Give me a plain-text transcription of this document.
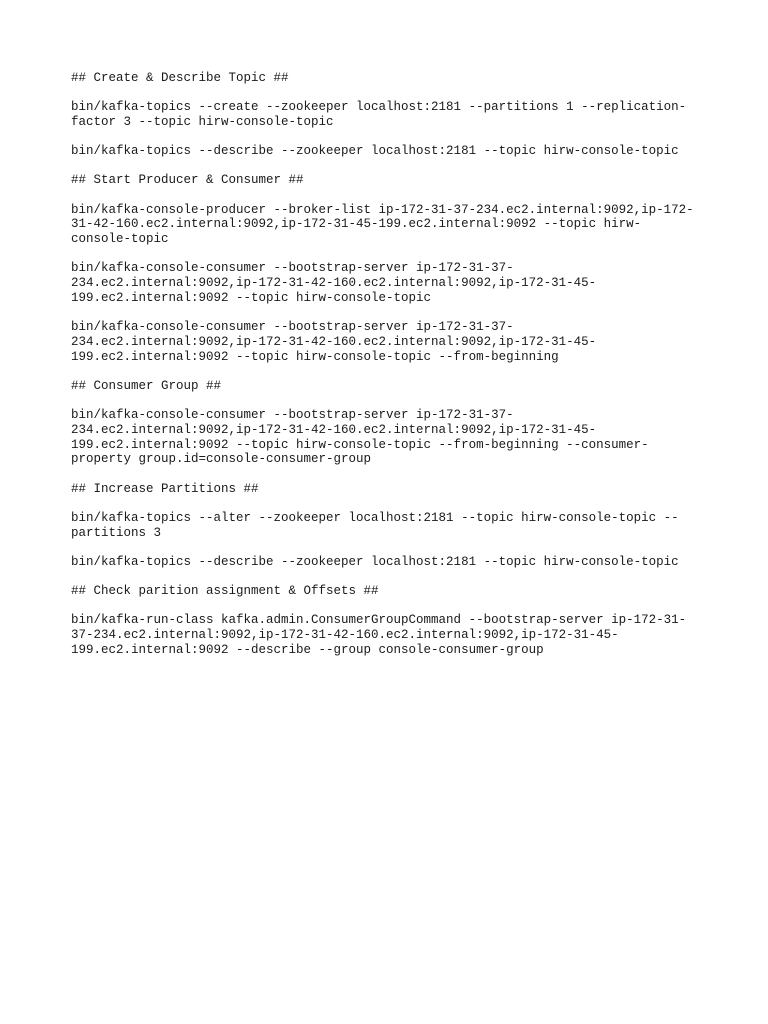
## Create & Describe Topic ##
bin/kafka-topics --create --zookeeper localhost:2181 --partitions 1 --replication-
factor 3 --topic hirw-console-topic
bin/kafka-topics --describe --zookeeper localhost:2181 --topic hirw-console-topic
## Start Producer & Consumer ##
bin/kafka-console-producer --broker-list ip-172-31-37-234.ec2.internal:9092,ip-172-
31-42-160.ec2.internal:9092,ip-172-31-45-199.ec2.internal:9092 --topic hirw-
console-topic
bin/kafka-console-consumer --bootstrap-server ip-172-31-37-
234.ec2.internal:9092,ip-172-31-42-160.ec2.internal:9092,ip-172-31-45-
199.ec2.internal:9092 --topic hirw-console-topic
bin/kafka-console-consumer --bootstrap-server ip-172-31-37-
234.ec2.internal:9092,ip-172-31-42-160.ec2.internal:9092,ip-172-31-45-
199.ec2.internal:9092 --topic hirw-console-topic --from-beginning
## Consumer Group ##
bin/kafka-console-consumer --bootstrap-server ip-172-31-37-
234.ec2.internal:9092,ip-172-31-42-160.ec2.internal:9092,ip-172-31-45-
199.ec2.internal:9092 --topic hirw-console-topic --from-beginning --consumer-
property group.id=console-consumer-group
## Increase Partitions ##
bin/kafka-topics --alter --zookeeper localhost:2181 --topic hirw-console-topic --
partitions 3
bin/kafka-topics --describe --zookeeper localhost:2181 --topic hirw-console-topic
## Check parition assignment & Offsets ##
bin/kafka-run-class kafka.admin.ConsumerGroupCommand --bootstrap-server ip-172-31-
37-234.ec2.internal:9092,ip-172-31-42-160.ec2.internal:9092,ip-172-31-45-
199.ec2.internal:9092 --describe --group console-consumer-group
